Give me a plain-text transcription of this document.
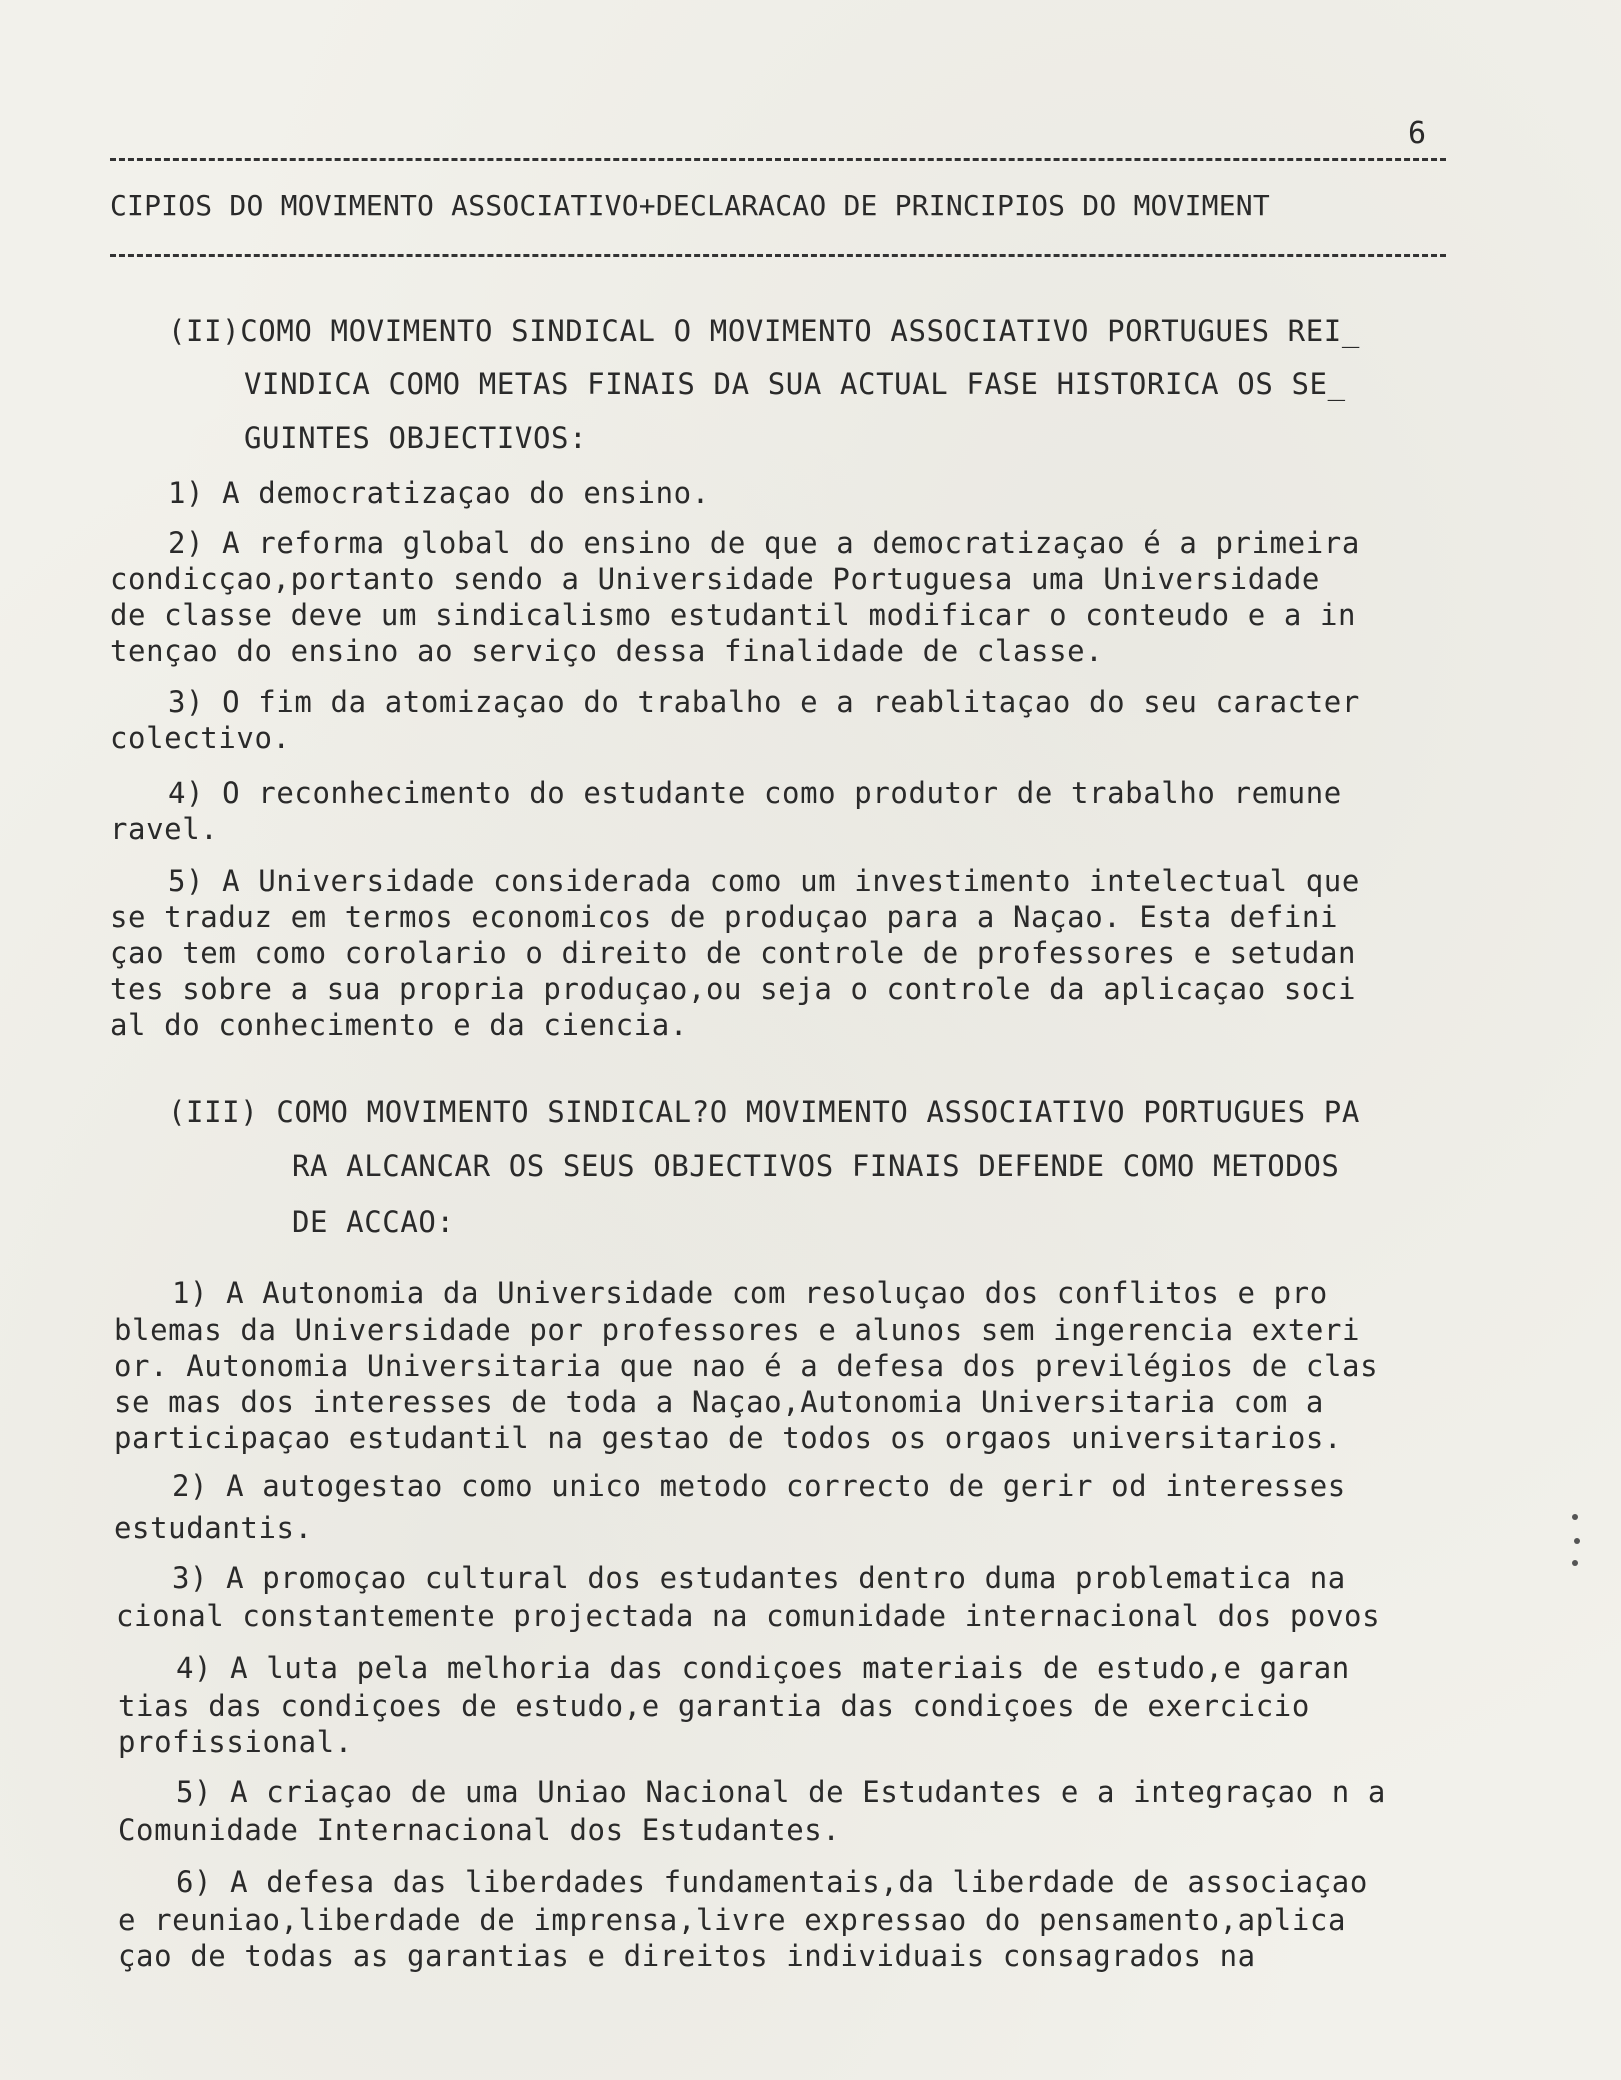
6
CIPIOS DO MOVIMENTO ASSOCIATIVO+DECLARACAO DE PRINCIPIOS DO MOVIMENT
(II)COMO MOVIMENTO SINDICAL O MOVIMENTO ASSOCIATIVO PORTUGUES REI_
VINDICA COMO METAS FINAIS DA SUA ACTUAL FASE HISTORICA OS SE_
GUINTES OBJECTIVOS:
1) A democratizaçao do ensino.
2) A reforma global do ensino de que a democratizaçao é a primeira
condicçao,portanto sendo a Universidade Portuguesa uma Universidade
de classe deve um sindicalismo estudantil modificar o conteudo e a in
tençao do ensino ao serviço dessa finalidade de classe.
3) O fim da atomizaçao do trabalho e a reablitaçao do seu caracter
colectivo.
4) O reconhecimento do estudante como produtor de trabalho remune
ravel.
5) A Universidade considerada como um investimento intelectual que
se traduz em termos economicos de produçao para a Naçao. Esta defini
çao tem como corolario o direito de controle de professores e setudan
tes sobre a sua propria produçao,ou seja o controle da aplicaçao soci
al do conhecimento e da ciencia.
(III) COMO MOVIMENTO SINDICAL?O MOVIMENTO ASSOCIATIVO PORTUGUES PA
RA ALCANCAR OS SEUS OBJECTIVOS FINAIS DEFENDE COMO METODOS
DE ACCAO:
1) A Autonomia da Universidade com resoluçao dos conflitos e pro
blemas da Universidade por professores e alunos sem ingerencia exteri
or. Autonomia Universitaria que nao é a defesa dos previlégios de clas
se mas dos interesses de toda a Naçao,Autonomia Universitaria com a
participaçao estudantil na gestao de todos os orgaos universitarios.
2) A autogestao como unico metodo correcto de gerir od interesses
estudantis.
3) A promoçao cultural dos estudantes dentro duma problematica na
cional constantemente projectada na comunidade internacional dos povos
4) A luta pela melhoria das condiçoes materiais de estudo,e garan
tias das condiçoes de estudo,e garantia das condiçoes de exercicio
profissional.
5) A criaçao de uma Uniao Nacional de Estudantes e a integraçao n a
Comunidade Internacional dos Estudantes.
6) A defesa das liberdades fundamentais,da liberdade de associaçao
e reuniao,liberdade de imprensa,livre expressao do pensamento,aplica
çao de todas as garantias e direitos individuais consagrados na
